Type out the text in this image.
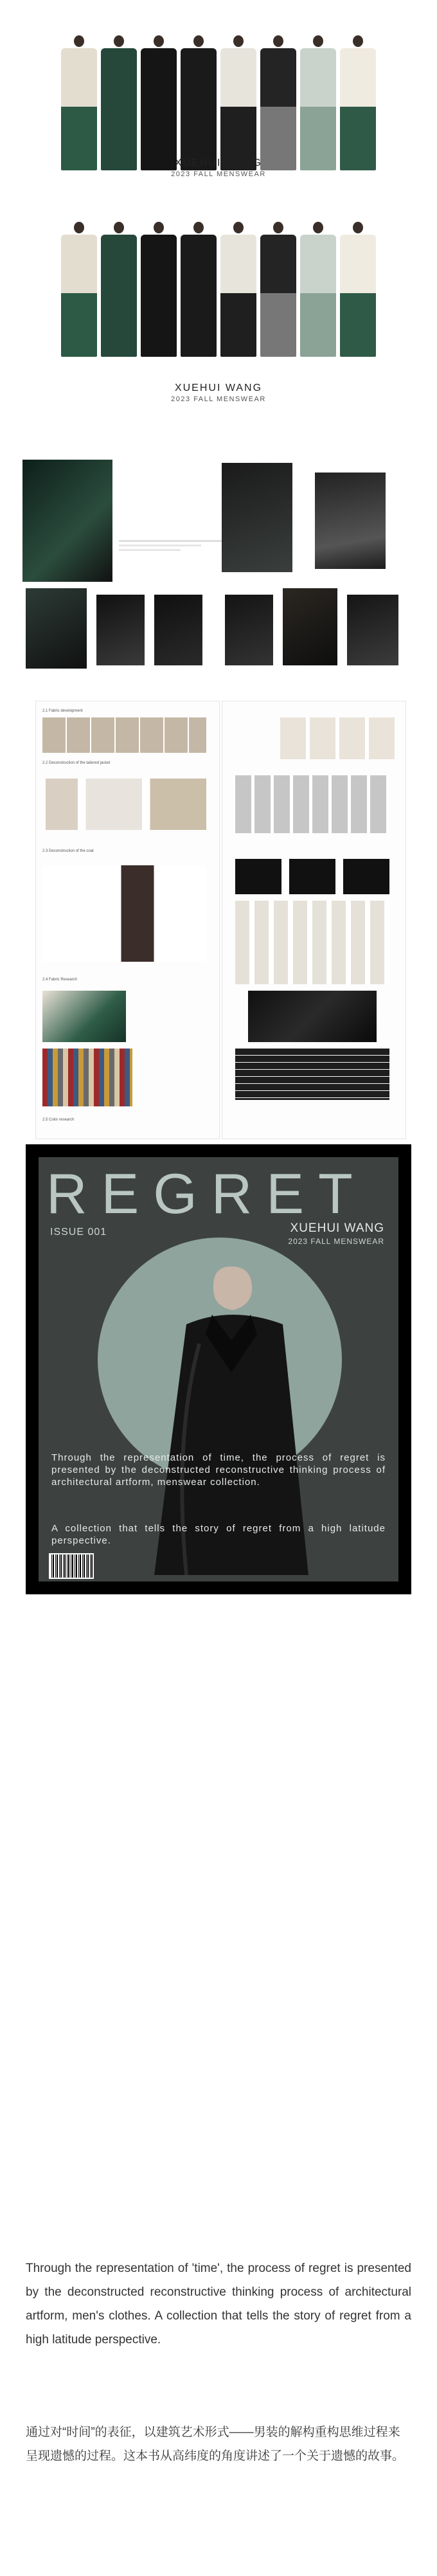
XUEHUI WANG
2023 FALL MENSWEAR
XUEHUI WANG
2023 FALL MENSWEAR
2.1 Fabric development
2.2 Deconstruction of the tailored jacket
2.3 Deconstruction of the coat
2.4 Fabric Research
2.5 Color research
REGRET
ISSUE 001	XUEHUI WANG
2023 FALL MENSWEAR
Through the representation of time, the process of regret is presented by the deconstructed reconstructive thinking process of architectural artform, menswear collection.
A collection that tells the story of regret from a high latitude perspective.
Through the representation of 'time', the process of regret is presented by the deconstructed reconstructive thinking process of architectural artform, men's clothes. A collection that tells the story of regret from a high latitude perspective.
通过对“时间”的表征，以建筑艺术形式——男装的解构重构思维过程来呈现遗憾的过程。这本书从高纬度的角度讲述了一个关于遗憾的故事。
